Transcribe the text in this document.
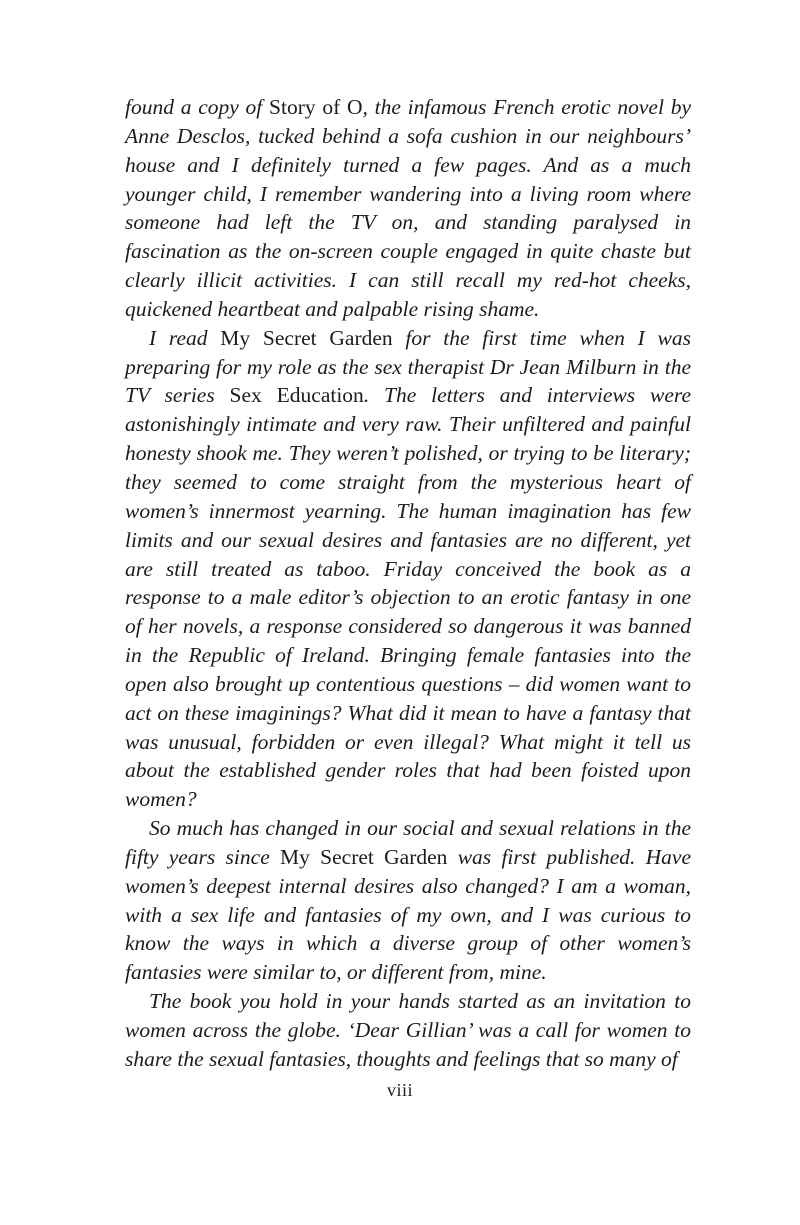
found a copy of Story of O, the infamous French erotic novel by Anne Desclos, tucked behind a sofa cushion in our neighbours’ house and I definitely turned a few pages. And as a much younger child, I remember wandering into a living room where someone had left the TV on, and standing paralysed in fascination as the on-screen couple engaged in quite chaste but clearly illicit activities. I can still recall my red-hot cheeks, quickened heartbeat and palpable rising shame.

I read My Secret Garden for the first time when I was preparing for my role as the sex therapist Dr Jean Milburn in the TV series Sex Education. The letters and interviews were astonishingly intimate and very raw. Their unfiltered and painful honesty shook me. They weren’t polished, or trying to be literary; they seemed to come straight from the mysterious heart of women’s innermost yearning. The human imagination has few limits and our sexual desires and fantasies are no different, yet are still treated as taboo. Friday conceived the book as a response to a male editor’s objection to an erotic fantasy in one of her novels, a response considered so dangerous it was banned in the Republic of Ireland. Bringing female fantasies into the open also brought up contentious questions – did women want to act on these imaginings? What did it mean to have a fantasy that was unusual, forbidden or even illegal? What might it tell us about the established gender roles that had been foisted upon women?

So much has changed in our social and sexual relations in the fifty years since My Secret Garden was first published. Have women’s deepest internal desires also changed? I am a woman, with a sex life and fantasies of my own, and I was curious to know the ways in which a diverse group of other women’s fantasies were similar to, or different from, mine.

The book you hold in your hands started as an invitation to women across the globe. ‘Dear Gillian’ was a call for women to share the sexual fantasies, thoughts and feelings that so many of

viii
